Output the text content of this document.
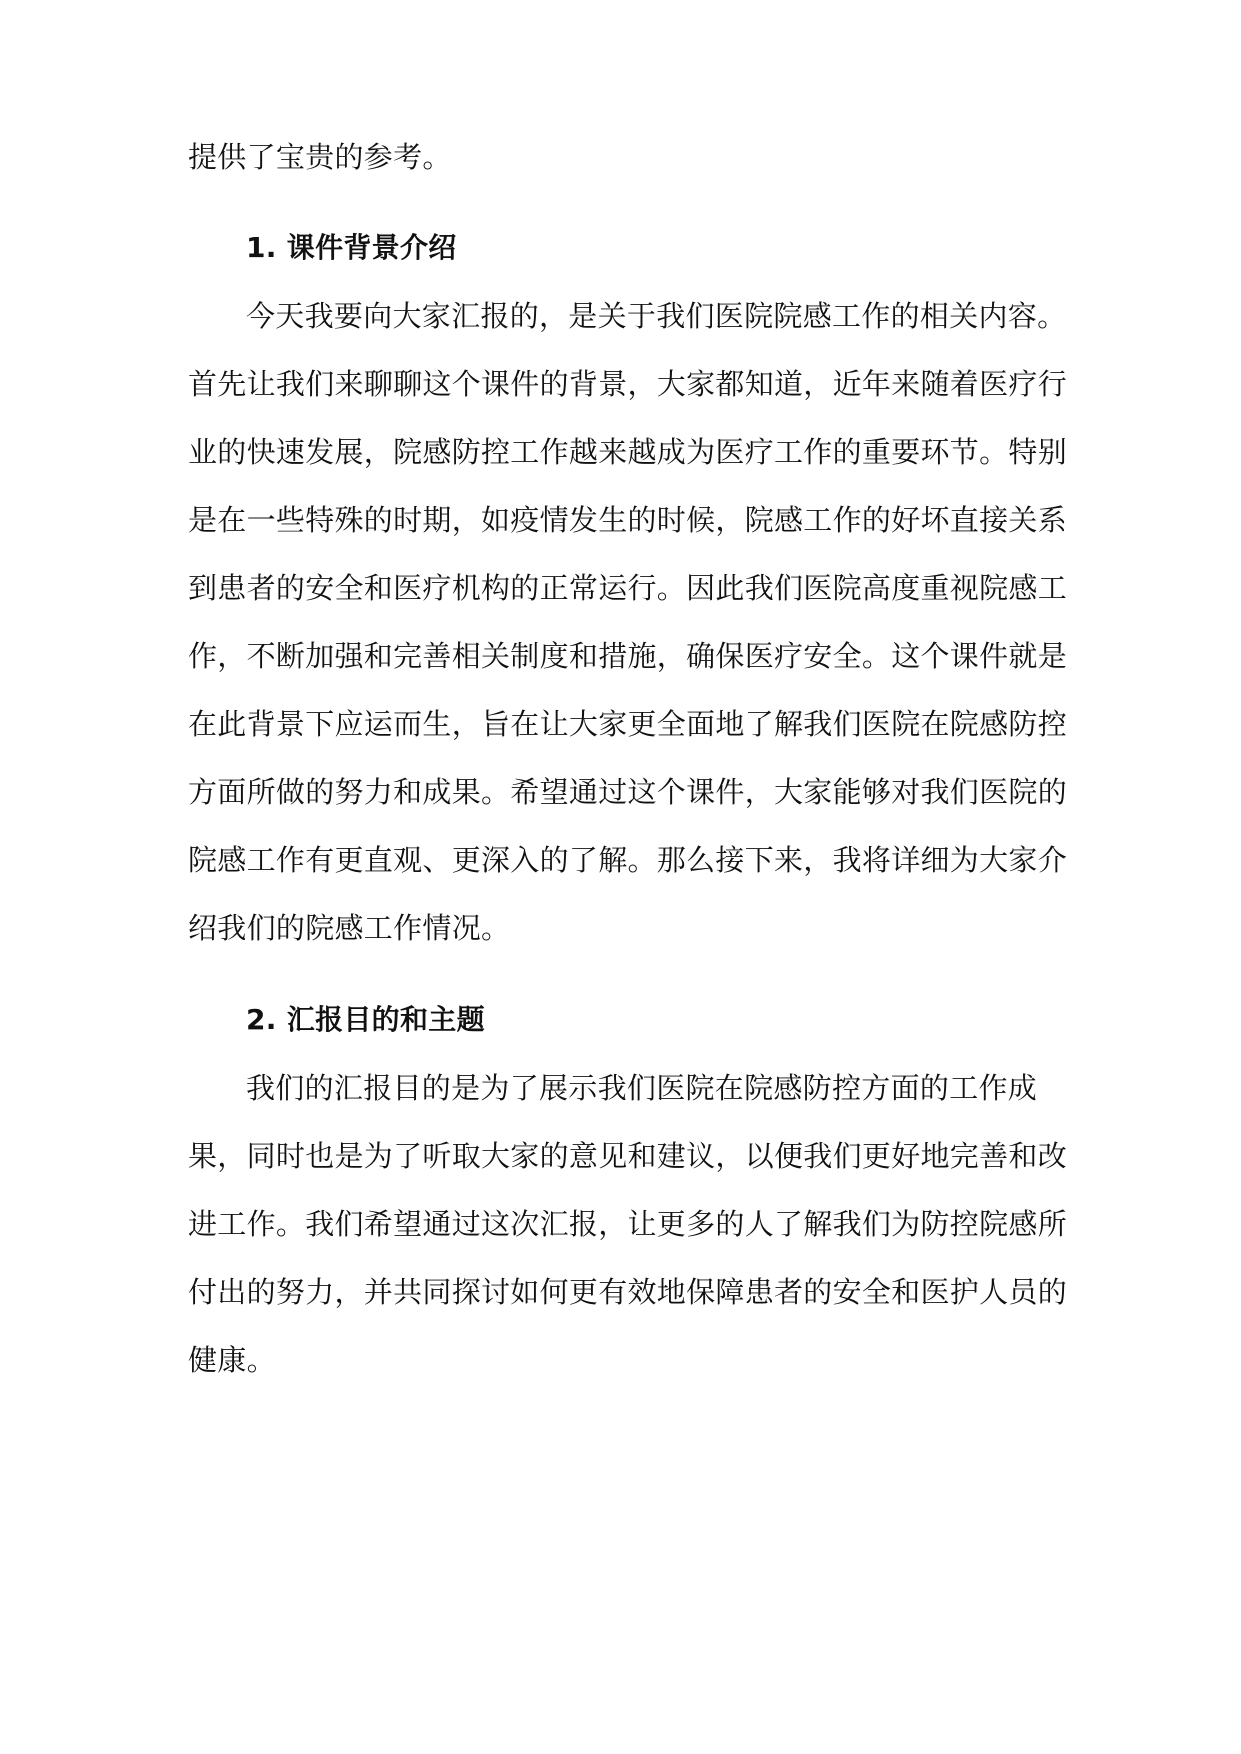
提供了宝贵的参考。
1. 课件背景介绍
今天我要向大家汇报的，是关于我们医院院感工作的相关内容。
首先让我们来聊聊这个课件的背景，大家都知道，近年来随着医疗行
业的快速发展，院感防控工作越来越成为医疗工作的重要环节。特别
是在一些特殊的时期，如疫情发生的时候，院感工作的好坏直接关系
到患者的安全和医疗机构的正常运行。因此我们医院高度重视院感工
作，不断加强和完善相关制度和措施，确保医疗安全。这个课件就是
在此背景下应运而生，旨在让大家更全面地了解我们医院在院感防控
方面所做的努力和成果。希望通过这个课件，大家能够对我们医院的
院感工作有更直观、更深入的了解。那么接下来，我将详细为大家介
绍我们的院感工作情况。
2. 汇报目的和主题
我们的汇报目的是为了展示我们医院在院感防控方面的工作成
果，同时也是为了听取大家的意见和建议，以便我们更好地完善和改
进工作。我们希望通过这次汇报，让更多的人了解我们为防控院感所
付出的努力，并共同探讨如何更有效地保障患者的安全和医护人员的
健康。
